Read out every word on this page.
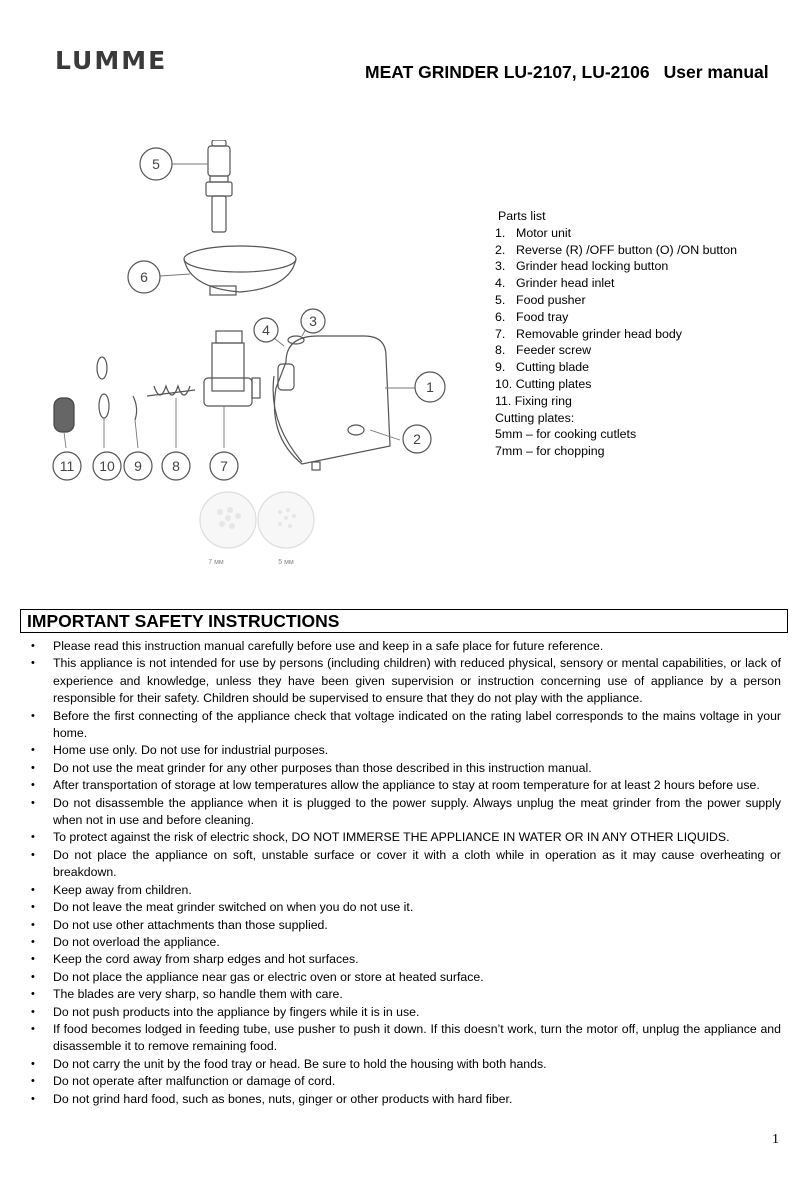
LUMME	MEAT GRINDER LU-2107, LU-2106 User manual
1
2
3
4
5
6
7
8
9
10
11
7 мм	5 мм
Parts list
1. Motor unit
2. Reverse (R) /OFF button (O) /ON button
3. Grinder head locking button
4. Grinder head inlet
5. Food pusher
6. Food tray
7. Removable grinder head body
8. Feeder screw
9. Cutting blade
10.
Cutting plates
11.
Fixing ring
Cutting plates:
5mm – for cooking cutlets
7mm – for chopping
IMPORTANT SAFETY INSTRUCTIONS
• Please read this instruction manual carefully before use and keep in a safe place for future reference.
• This appliance is not intended for use by persons (including children) with reduced physical, sensory or mental capabilities, or lack of experience and knowledge, unless they have been given supervision or instruction concerning use of appliance by a person responsible for their safety. Children should be supervised to ensure that they do not play with the appliance.
• Before the first connecting of the appliance check that voltage indicated on the rating label corresponds to the mains voltage in your home.
• Home use only. Do not use for industrial purposes.
• Do not use the meat grinder for any other purposes than those described in this instruction manual.
• After transportation of storage at low temperatures allow the appliance to stay at room temperature for at least 2 hours before use.
• Do not disassemble the appliance when it is plugged to the power supply. Always unplug the meat grinder from the power supply when not in use and before cleaning.
• To protect against the risk of electric shock, DO NOT IMMERSE THE APPLIANCE IN WATER OR IN ANY OTHER LIQUIDS.
• Do not place the appliance on soft, unstable surface or cover it with a cloth while in operation as it may cause overheating or breakdown.
• Keep away from children.
• Do not leave the meat grinder switched on when you do not use it.
• Do not use other attachments than those supplied.
• Do not overload the appliance.
• Keep the cord away from sharp edges and hot surfaces.
• Do not place the appliance near gas or electric oven or store at heated surface.
• The blades are very sharp, so handle them with care.
• Do not push products into the appliance by fingers while it is in use.
• If food becomes lodged in feeding tube, use pusher to push it down. If this doesn’t work, turn the motor off, unplug the appliance and disassemble it to remove remaining food.
• Do not carry the unit by the food tray or head. Be sure to hold the housing with both hands.
• Do not operate after malfunction or damage of cord.
• Do not grind hard food, such as bones, nuts, ginger or other products with hard fiber.
1
